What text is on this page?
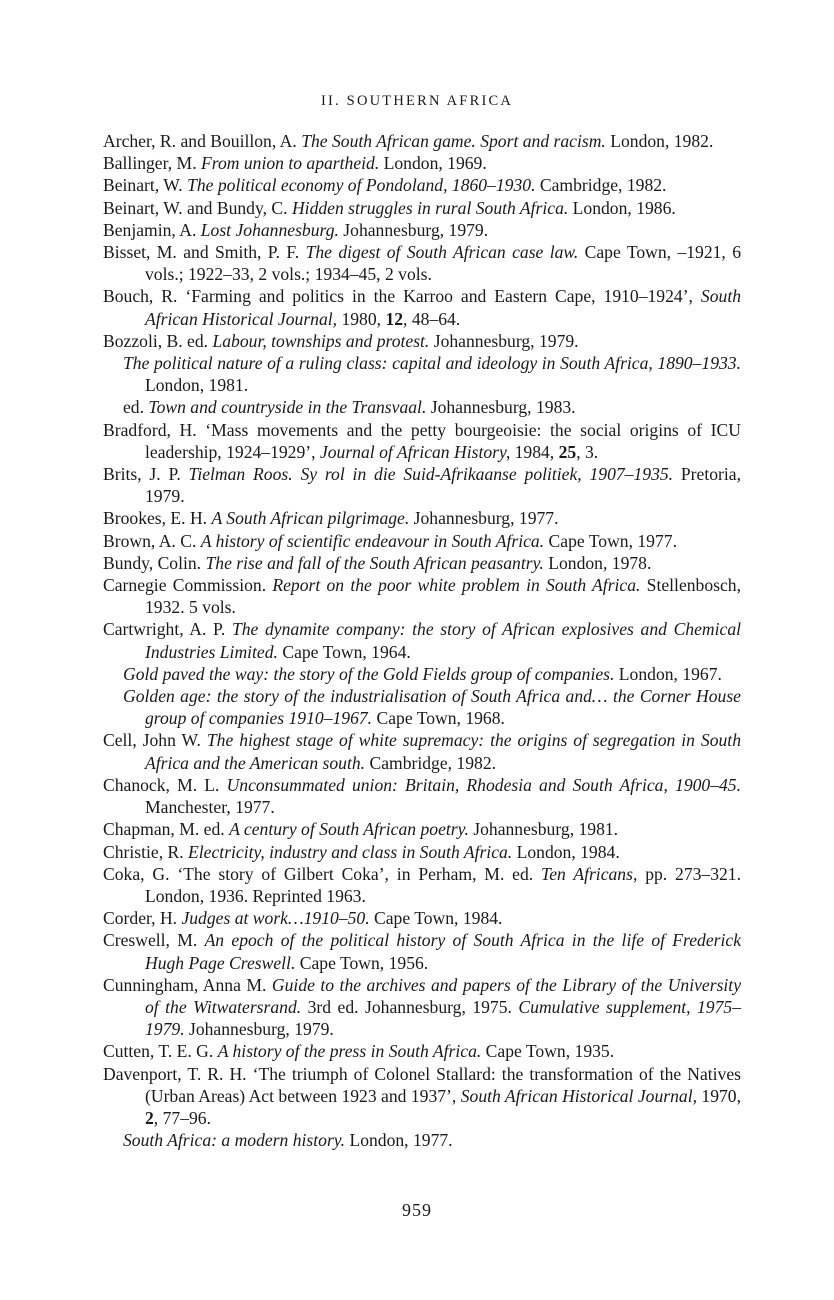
II. SOUTHERN AFRICA
Archer, R. and Bouillon, A. The South African game. Sport and racism. London, 1982.
Ballinger, M. From union to apartheid. London, 1969.
Beinart, W. The political economy of Pondoland, 1860–1930. Cambridge, 1982.
Beinart, W. and Bundy, C. Hidden struggles in rural South Africa. London, 1986.
Benjamin, A. Lost Johannesburg. Johannesburg, 1979.
Bisset, M. and Smith, P. F. The digest of South African case law. Cape Town, –1921, 6 vols.; 1922–33, 2 vols.; 1934–45, 2 vols.
Bouch, R. ‘Farming and politics in the Karroo and Eastern Cape, 1910–1924’, South African Historical Journal, 1980, 12, 48–64.
Bozzoli, B. ed. Labour, townships and protest. Johannesburg, 1979.
The political nature of a ruling class: capital and ideology in South Africa, 1890–1933. London, 1981.
ed. Town and countryside in the Transvaal. Johannesburg, 1983.
Bradford, H. ‘Mass movements and the petty bourgeoisie: the social origins of ICU leadership, 1924–1929’, Journal of African History, 1984, 25, 3.
Brits, J. P. Tielman Roos. Sy rol in die Suid-Afrikaanse politiek, 1907–1935. Pretoria, 1979.
Brookes, E. H. A South African pilgrimage. Johannesburg, 1977.
Brown, A. C. A history of scientific endeavour in South Africa. Cape Town, 1977.
Bundy, Colin. The rise and fall of the South African peasantry. London, 1978.
Carnegie Commission. Report on the poor white problem in South Africa. Stellenbosch, 1932. 5 vols.
Cartwright, A. P. The dynamite company: the story of African explosives and Chemical Industries Limited. Cape Town, 1964.
Gold paved the way: the story of the Gold Fields group of companies. London, 1967.
Golden age: the story of the industrialisation of South Africa and… the Corner House group of companies 1910–1967. Cape Town, 1968.
Cell, John W. The highest stage of white supremacy: the origins of segregation in South Africa and the American south. Cambridge, 1982.
Chanock, M. L. Unconsummated union: Britain, Rhodesia and South Africa, 1900–45. Manchester, 1977.
Chapman, M. ed. A century of South African poetry. Johannesburg, 1981.
Christie, R. Electricity, industry and class in South Africa. London, 1984.
Coka, G. ‘The story of Gilbert Coka’, in Perham, M. ed. Ten Africans, pp. 273–321. London, 1936. Reprinted 1963.
Corder, H. Judges at work…1910–50. Cape Town, 1984.
Creswell, M. An epoch of the political history of South Africa in the life of Frederick Hugh Page Creswell. Cape Town, 1956.
Cunningham, Anna M. Guide to the archives and papers of the Library of the University of the Witwatersrand. 3rd ed. Johannesburg, 1975. Cumulative supplement, 1975–1979. Johannesburg, 1979.
Cutten, T. E. G. A history of the press in South Africa. Cape Town, 1935.
Davenport, T. R. H. ‘The triumph of Colonel Stallard: the transformation of the Natives (Urban Areas) Act between 1923 and 1937’, South African Historical Journal, 1970, 2, 77–96.
South Africa: a modern history. London, 1977.
959
